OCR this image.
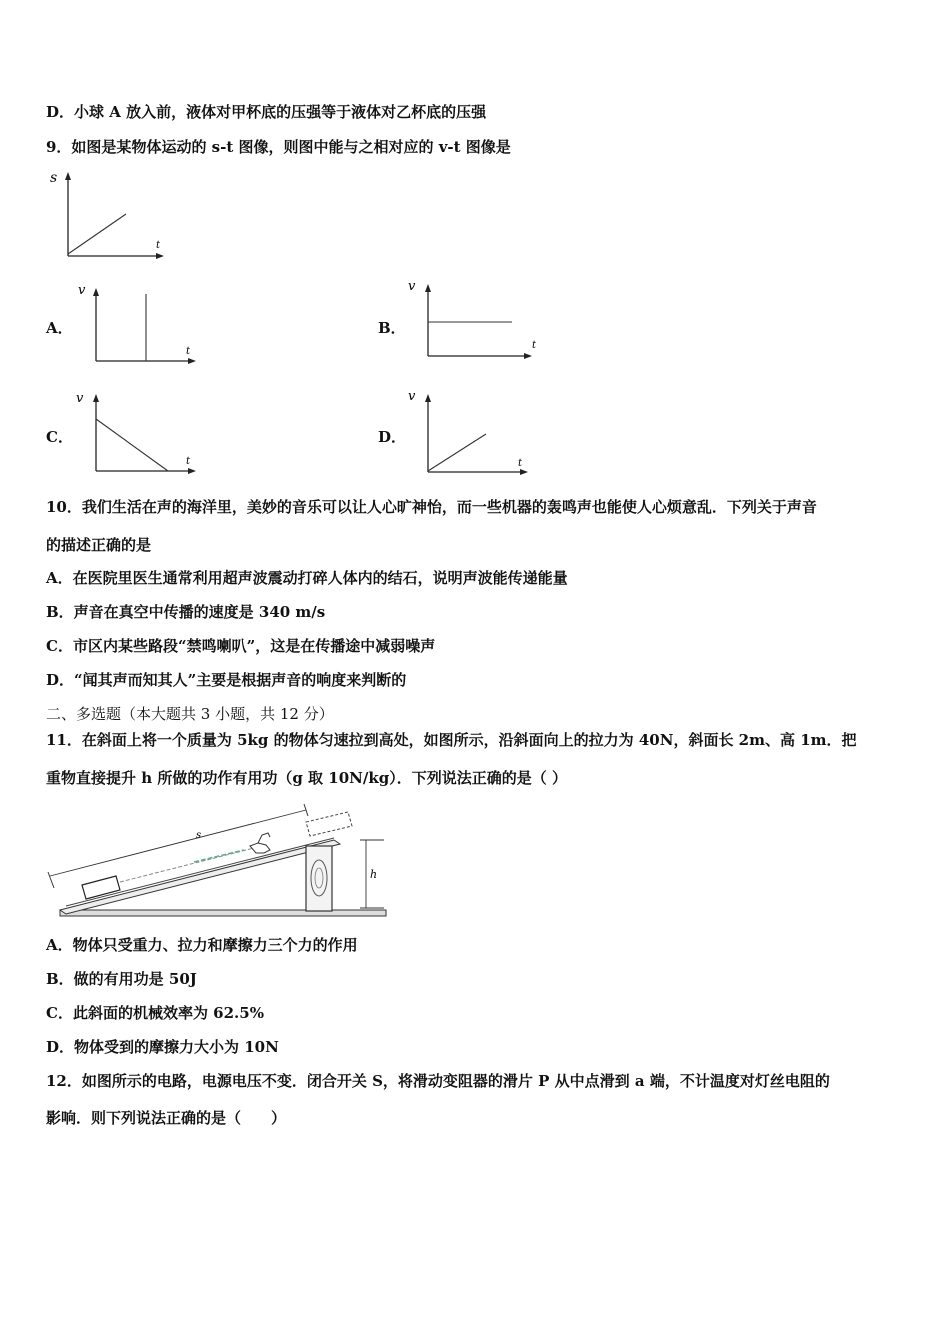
D．小球 A 放入前，液体对甲杯底的压强等于液体对乙杯底的压强
9．如图是某物体运动的 s-t 图像，则图中能与之相对应的 v-t 图像是
s
t
A．
v
t
B．
v
t
C．
v
t
D．
v
t
10．我们生活在声的海洋里，美妙的音乐可以让人心旷神怡，而一些机器的轰鸣声也能使人心烦意乱．下列关于声音
的描述正确的是
A．在医院里医生通常利用超声波震动打碎人体内的结石，说明声波能传递能量
B．声音在真空中传播的速度是 340 m/s
C．市区内某些路段“禁鸣喇叭”，这是在传播途中减弱噪声
D．“闻其声而知其人”主要是根据声音的响度来判断的
二、多选题（本大题共 3 小题，共 12 分）
11．在斜面上将一个质量为 5kg 的物体匀速拉到高处，如图所示，沿斜面向上的拉力为 40N，斜面长 2m、高 1m．把
重物直接提升 h 所做的功作有用功（g 取 10N/kg）．下列说法正确的是（ ）
s
h
A．物体只受重力、拉力和摩擦力三个力的作用
B．做的有用功是 50J
C．此斜面的机械效率为 62.5%
D．物体受到的摩擦力大小为 10N
12．如图所示的电路，电源电压不变．闭合开关 S，将滑动变阻器的滑片 P 从中点滑到 a 端，不计温度对灯丝电阻的
影响．则下列说法正确的是（　　）
